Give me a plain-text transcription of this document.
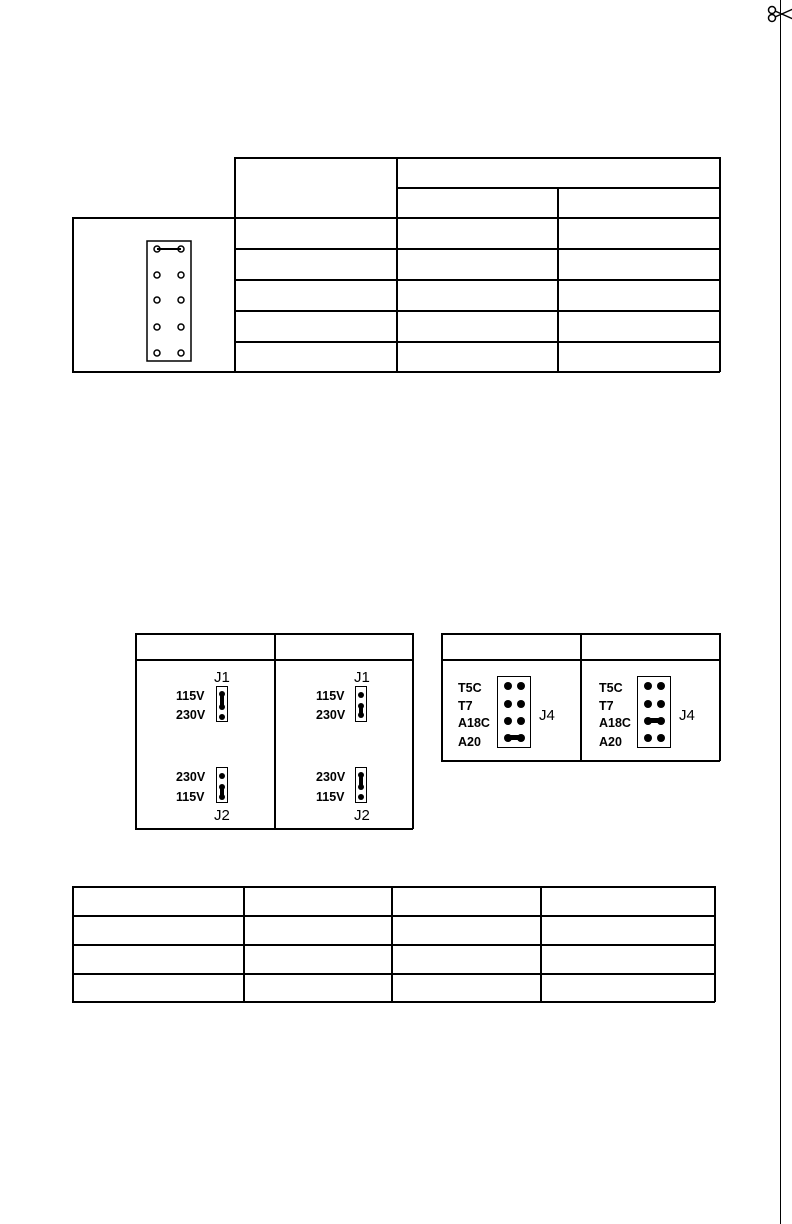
J1
115V
230V
230V
115V
J2
J1
115V
230V
230V
115V
J2
T5C
T7
A18C
A20
J4
T5C
T7
A18C
A20
J4
